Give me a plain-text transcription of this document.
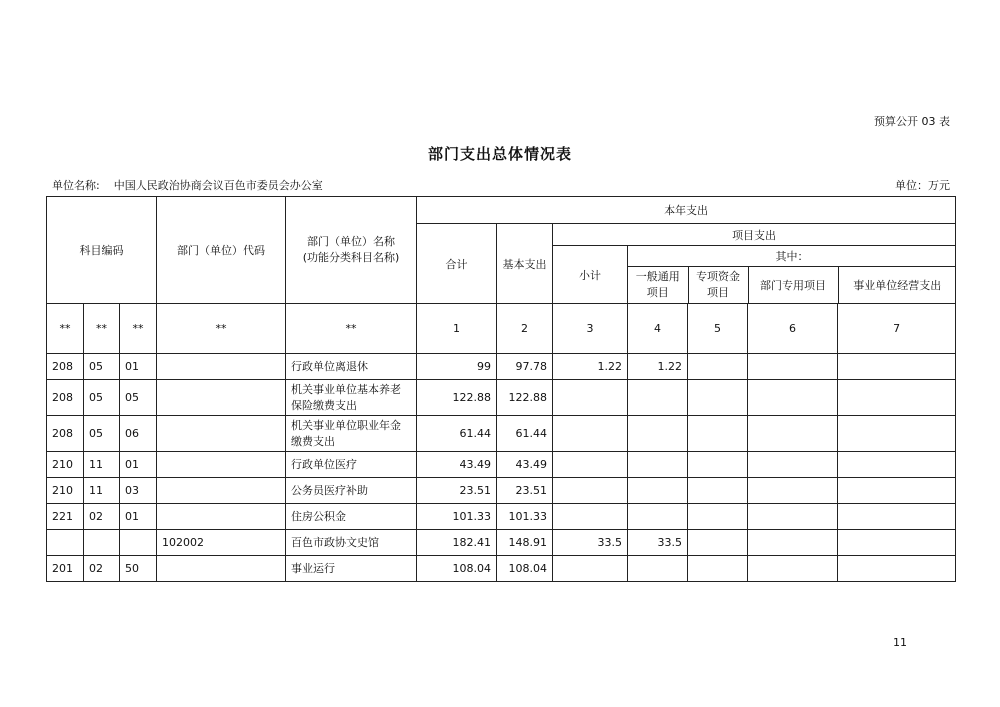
预算公开 03 表
部门支出总体情况表
单位名称: 中国人民政治协商会议百色市委员会办公室	单位：万元
科目编码	部门（单位）代码	部门（单位）名称
(功能分类科目名称)	本年支出
合计	基本支出	项目支出
小计	
其中：
一般通用
项目	专项资金
项目	部门专用项目	事业单位经营支出

**	**	**	**	**	1	2	3	4	5	6	7
208	05	01		行政单位离退休	99	97.78	1.22	1.22			
208	05	05		机关事业单位基本养老保险缴费支出	122.88	122.88					
208	05	06		机关事业单位职业年金缴费支出	61.44	61.44					
210	11	01		行政单位医疗	43.49	43.49					
210	11	03		公务员医疗补助	23.51	23.51					
221	02	01		住房公积金	101.33	101.33					
			102002	百色市政协文史馆	182.41	148.91	33.5	33.5			
201	02	50		事业运行	108.04	108.04					
11
